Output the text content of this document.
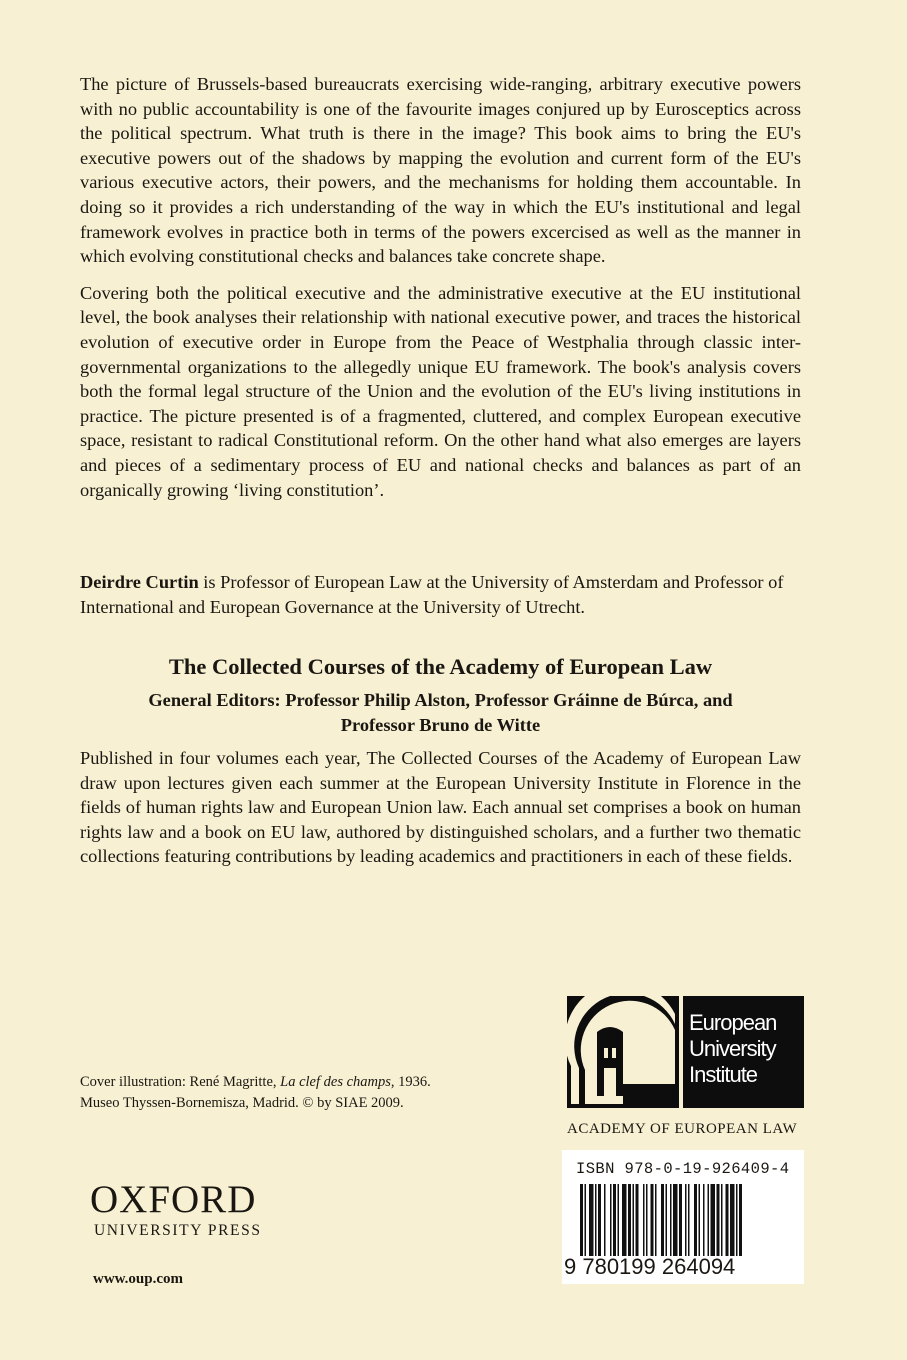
The picture of Brussels-based bureaucrats exercising wide-ranging, arbitrary executive powers with no public accountability is one of the favourite images conjured up by Eurosceptics across the political spectrum. What truth is there in the image? This book aims to bring the EU's executive powers out of the shadows by mapping the evolution and current form of the EU's various executive actors, their powers, and the mechanisms for holding them accountable. In doing so it provides a rich understanding of the way in which the EU's institutional and legal framework evolves in practice both in terms of the powers excercised as well as the manner in which evolving constitutional checks and balances take concrete shape.

Covering both the political executive and the administrative executive at the EU institutional level, the book analyses their relationship with national executive power, and traces the historical evolution of executive order in Europe from the Peace of Westphalia through classic inter-governmental organizations to the allegedly unique EU framework. The book's analysis covers both the formal legal structure of the Union and the evolution of the EU's living institutions in practice. The picture presented is of a fragmented, cluttered, and complex European executive space, resistant to radical Constitutional reform. On the other hand what also emerges are layers and pieces of a sedimentary process of EU and national checks and balances as part of an organically growing ‘living constitution’.

Deirdre Curtin is Professor of European Law at the University of Amsterdam and Professor of International and European Governance at the University of Utrecht.
The Collected Courses of the Academy of European Law
General Editors: Professor Philip Alston, Professor Gráinne de Búrca, and
Professor Bruno de Witte
Published in four volumes each year, The Collected Courses of the Academy of European Law draw upon lectures given each summer at the European University Institute in Florence in the fields of human rights law and European Union law. Each annual set comprises a book on human rights law and a book on EU law, authored by distinguished scholars, and a further two thematic collections featuring contributions by leading academics and practitioners in each of these fields.
Cover illustration: René Magritte, La clef des champs, 1936.
Museo Thyssen-Bornemisza, Madrid. © by SIAE 2009.
OXFORD
UNIVERSITY PRESS
www.oup.com
European
University
Institute
ACADEMY OF EUROPEAN LAW
ISBN 978-0-19-926409-4
9 780199 264094
